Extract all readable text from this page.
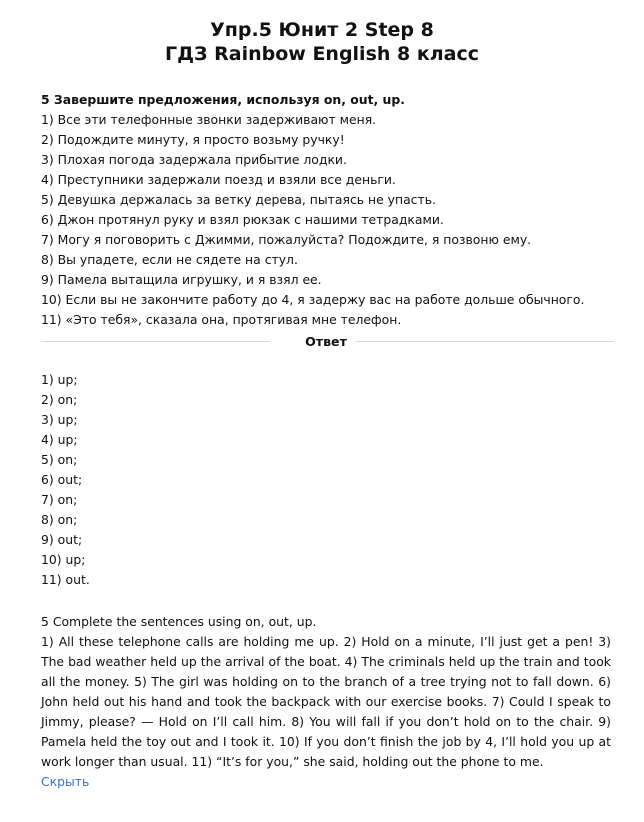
Упр.5 Юнит 2 Step 8
ГДЗ Rainbow English 8 класс

5 Завершите предложения, используя on, out, up.

1) Все эти телефонные звонки задерживают меня.

2) Подождите минуту, я просто возьму ручку!

3) Плохая погода задержала прибытие лодки.

4) Преступники задержали поезд и взяли все деньги.

5) Девушка держалась за ветку дерева, пытаясь не упасть.

6) Джон протянул руку и взял рюкзак с нашими тетрадками.

7) Могу я поговорить с Джимми, пожалуйста? Подождите, я позвоню ему.

8) Вы упадете, если не сядете на стул.

9) Памела вытащила игрушку, и я взял ее.

10) Если вы не закончите работу до 4, я задержу вас на работе дольше обычного.

11) «Это тебя», сказала она, протягивая мне телефон.

Ответ

1) up;

2) on;

3) up;

4) up;

5) on;

6) out;

7) on;

8) on;

9) out;

10) up;

11) out.

5 Complete the sentences using on, out, up.

1) All these telephone calls are holding me up. 2) Hold on a minute, I’ll just get a pen! 3) The bad weather held up the arrival of the boat. 4) The criminals held up the train and took all the money. 5) The girl was holding on to the branch of a tree trying not to fall down. 6) John held out his hand and took the backpack with our exercise books. 7) Could I speak to Jimmy, please? — Hold on I’ll call him. 8) You will fall if you don’t hold on to the chair. 9) Pamela held the toy out and I took it. 10) If you don’t finish the job by 4, I’ll hold you up at work longer than usual. 11) “It’s for you,” she said, holding out the phone to me.

Скрыть
